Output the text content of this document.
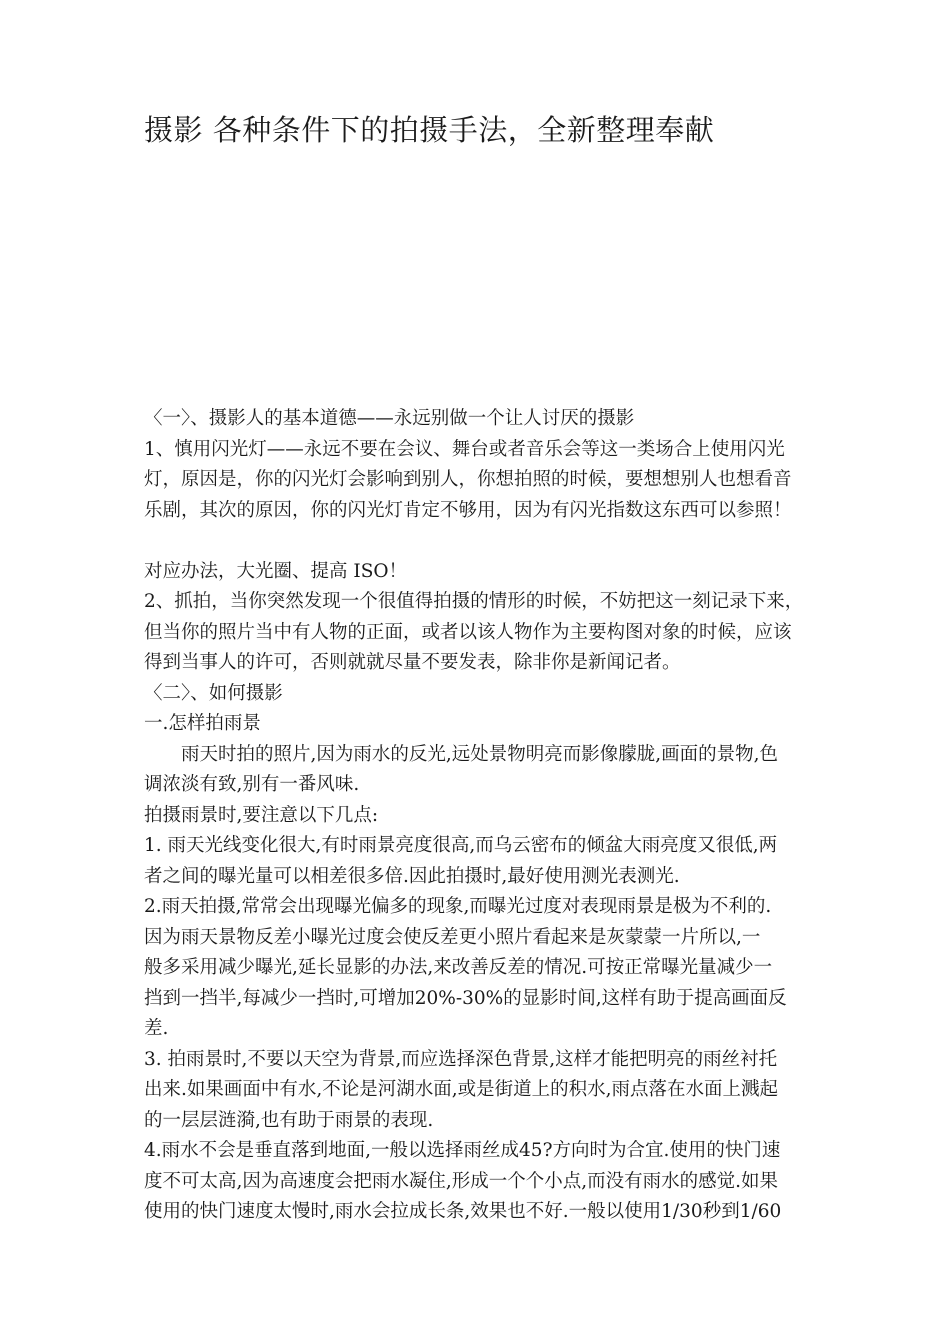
摄影 各种条件下的拍摄手法，全新整理奉献

〈一〉、摄影人的基本道德——永远别做一个让人讨厌的摄影

1、慎用闪光灯——永远不要在会议、舞台或者音乐会等这一类场合上使用闪光

灯，原因是，你的闪光灯会影响到别人，你想拍照的时候，要想想别人也想看音

乐剧，其次的原因，你的闪光灯肯定不够用，因为有闪光指数这东西可以参照！

对应办法，大光圈、提高 ISO！

2、抓拍，当你突然发现一个很值得拍摄的情形的时候，不妨把这一刻记录下来，

但当你的照片当中有人物的正面，或者以该人物作为主要构图对象的时候，应该

得到当事人的许可，否则就就尽量不要发表，除非你是新闻记者。

〈二〉、如何摄影

一.怎样拍雨景

雨天时拍的照片,因为雨水的反光,远处景物明亮而影像朦胧,画面的景物,色

调浓淡有致,别有一番风味.

拍摄雨景时,要注意以下几点:

1. 雨天光线变化很大,有时雨景亮度很高,而乌云密布的倾盆大雨亮度又很低,两

者之间的曝光量可以相差很多倍.因此拍摄时,最好使用测光表测光.

2.雨天拍摄,常常会出现曝光偏多的现象,而曝光过度对表现雨景是极为不利的.

因为雨天景物反差小曝光过度会使反差更小照片看起来是灰蒙蒙一片所以,一

般多采用减少曝光,延长显影的办法,来改善反差的情况.可按正常曝光量减少一

挡到一挡半,每减少一挡时,可增加20%-30%的显影时间,这样有助于提高画面反

差.

3. 拍雨景时,不要以天空为背景,而应选择深色背景,这样才能把明亮的雨丝衬托

出来.如果画面中有水,不论是河湖水面,或是街道上的积水,雨点落在水面上溅起

的一层层涟漪,也有助于雨景的表现.

4.雨水不会是垂直落到地面,一般以选择雨丝成45?方向时为合宜.使用的快门速

度不可太高,因为高速度会把雨水凝住,形成一个个小点,而没有雨水的感觉.如果

使用的快门速度太慢时,雨水会拉成长条,效果也不好.一般以使用1/30秒到1/60
